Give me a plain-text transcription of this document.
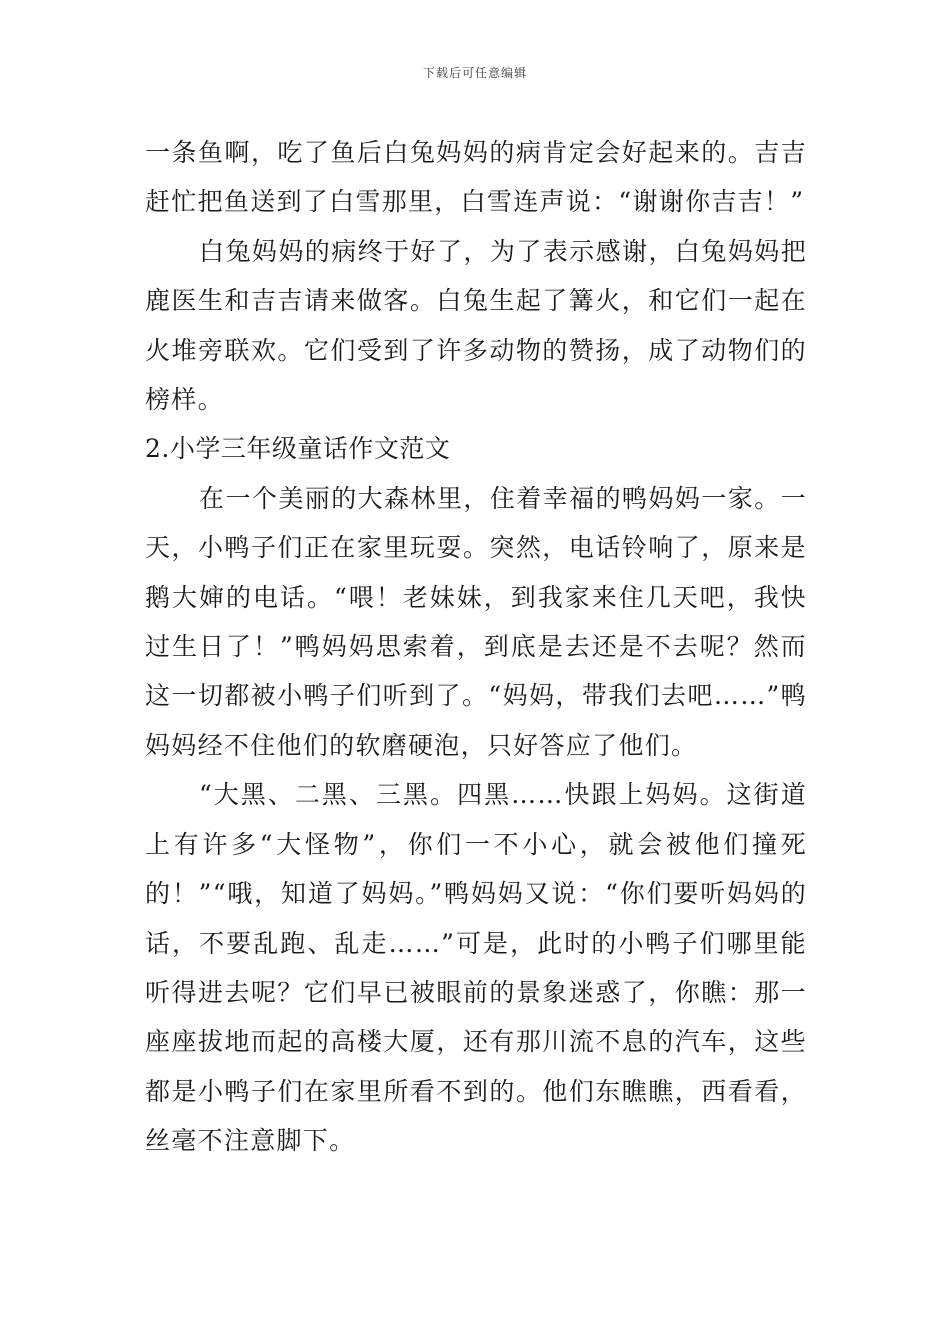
下载后可任意编辑

一条鱼啊，吃了鱼后白兔妈妈的病肯定会好起来的。吉吉赶忙把鱼送到了白雪那里，白雪连声说：“谢谢你吉吉！”

白兔妈妈的病终于好了，为了表示感谢，白兔妈妈把鹿医生和吉吉请来做客。白兔生起了篝火，和它们一起在火堆旁联欢。它们受到了许多动物的赞扬，成了动物们的榜样。

2.小学三年级童话作文范文

在一个美丽的大森林里，住着幸福的鸭妈妈一家。一天，小鸭子们正在家里玩耍。突然，电话铃响了，原来是鹅大婶的电话。“喂！老妹妹，到我家来住几天吧，我快过生日了！”鸭妈妈思索着，到底是去还是不去呢？然而这一切都被小鸭子们听到了。“妈妈，带我们去吧……”鸭妈妈经不住他们的软磨硬泡，只好答应了他们。

“大黑、二黑、三黑。四黑……快跟上妈妈。这街道上有许多“大怪物”，你们一不小心，就会被他们撞死的！”“哦，知道了妈妈。”鸭妈妈又说：“你们要听妈妈的话，不要乱跑、乱走……”可是，此时的小鸭子们哪里能听得进去呢？它们早已被眼前的景象迷惑了，你瞧：那一座座拔地而起的高楼大厦，还有那川流不息的汽车，这些都是小鸭子们在家里所看不到的。他们东瞧瞧，西看看，丝毫不注意脚下。
